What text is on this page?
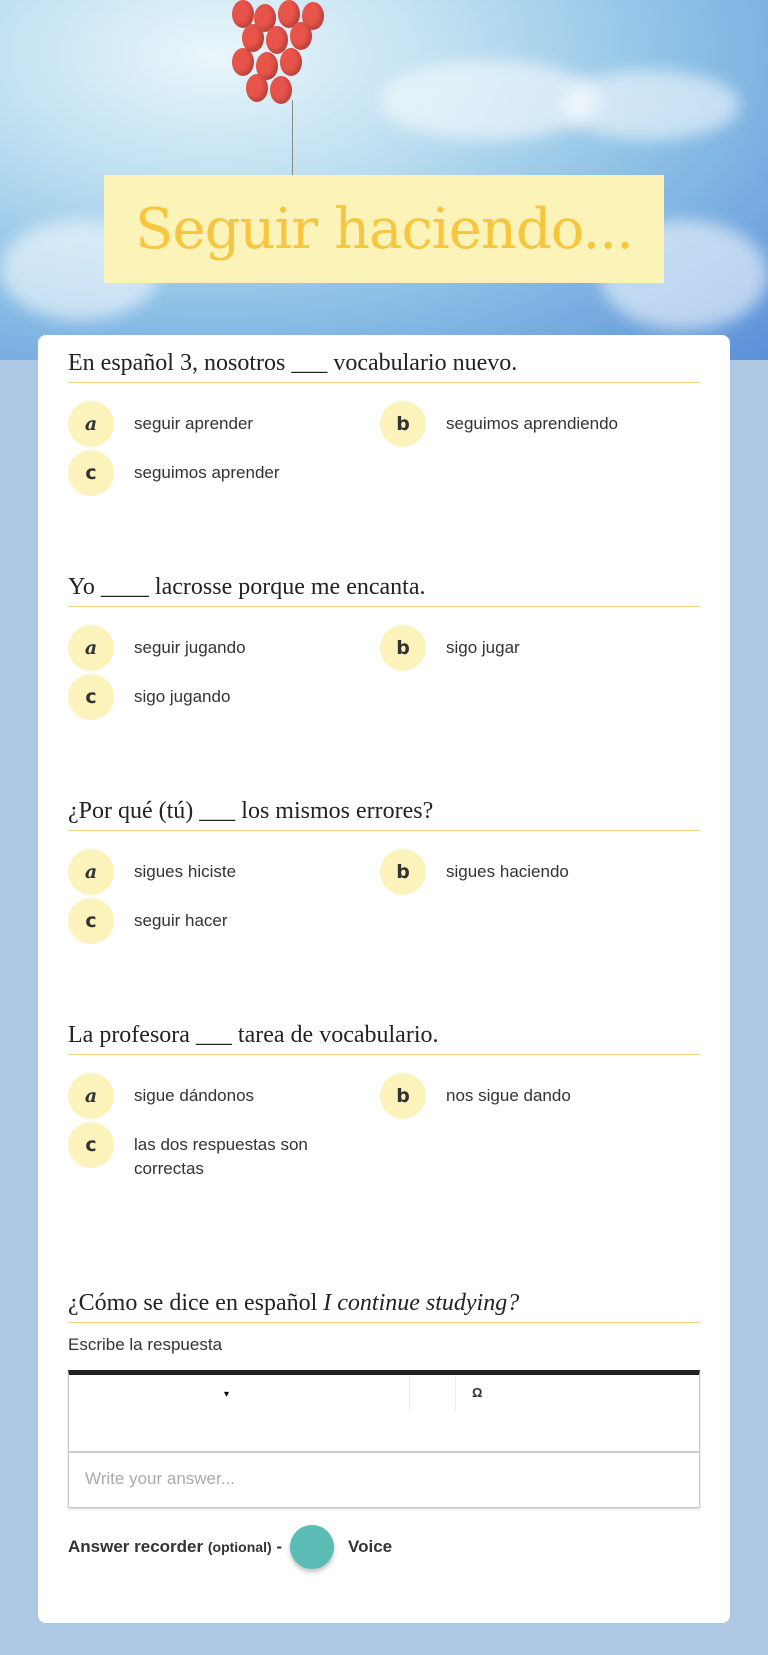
Seguir haciendo...
En español 3, nosotros ___ vocabulario nuevo.
a	seguir aprender	b	seguimos aprendiendo
c	seguimos aprender
Yo ____ lacrosse porque me encanta.
a	seguir jugando	b	sigo jugar
c	sigo jugando
¿Por qué (tú) ___ los mismos errores?
a	sigues hiciste	b	sigues haciendo
c	seguir hacer
La profesora ___ tarea de vocabulario.
a	sigue dándonos	b	nos sigue dando
c	las dos respuestas son correctas
¿Cómo se dice en español I continue studying?
Escribe la respuesta
▾	Ω
Write your answer...
Answer recorder (optional) -	Voice
